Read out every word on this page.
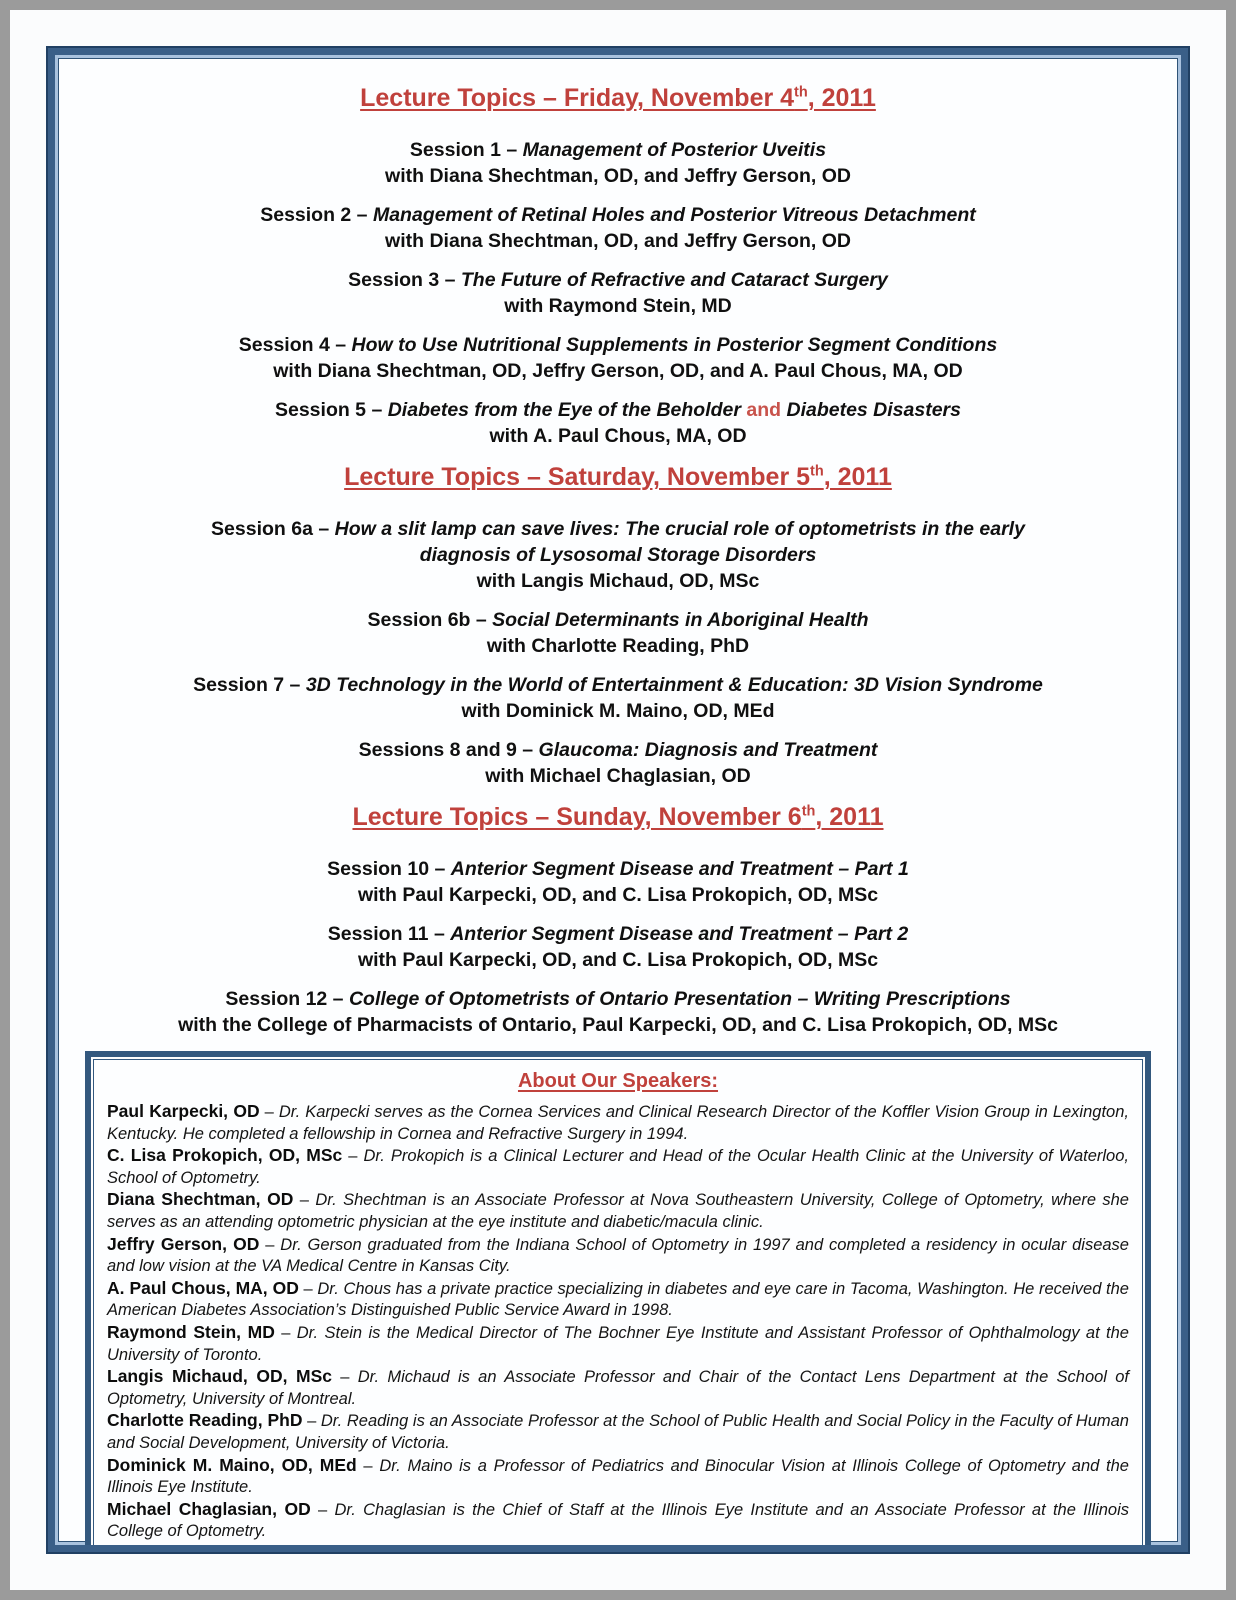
Lecture Topics – Friday, November 4th, 2011

Session 1 – Management of Posterior Uveitis

with Diana Shechtman, OD, and Jeffry Gerson, OD

Session 2 – Management of Retinal Holes and Posterior Vitreous Detachment

with Diana Shechtman, OD, and Jeffry Gerson, OD

Session 3 – The Future of Refractive and Cataract Surgery

with Raymond Stein, MD

Session 4 – How to Use Nutritional Supplements in Posterior Segment Conditions

with Diana Shechtman, OD, Jeffry Gerson, OD, and A. Paul Chous, MA, OD

Session 5 – Diabetes from the Eye of the Beholder and Diabetes Disasters

with A. Paul Chous, MA, OD

Lecture Topics – Saturday, November 5th, 2011

Session 6a – How a slit lamp can save lives: The crucial role of optometrists in the early diagnosis of Lysosomal Storage Disorders

with Langis Michaud, OD, MSc

Session 6b – Social Determinants in Aboriginal Health

with Charlotte Reading, PhD

Session 7 – 3D Technology in the World of Entertainment & Education: 3D Vision Syndrome

with Dominick M. Maino, OD, MEd

Sessions 8 and 9 – Glaucoma: Diagnosis and Treatment

with Michael Chaglasian, OD

Lecture Topics – Sunday, November 6th, 2011

Session 10 – Anterior Segment Disease and Treatment – Part 1

with Paul Karpecki, OD, and C. Lisa Prokopich, OD, MSc

Session 11 – Anterior Segment Disease and Treatment – Part 2

with Paul Karpecki, OD, and C. Lisa Prokopich, OD, MSc

Session 12 – College of Optometrists of Ontario Presentation – Writing Prescriptions

with the College of Pharmacists of Ontario, Paul Karpecki, OD, and C. Lisa Prokopich, OD, MSc

About Our Speakers:

Paul Karpecki, OD – Dr. Karpecki serves as the Cornea Services and Clinical Research Director of the Koffler Vision Group in Lexington, Kentucky. He completed a fellowship in Cornea and Refractive Surgery in 1994.

C. Lisa Prokopich, OD, MSc – Dr. Prokopich is a Clinical Lecturer and Head of the Ocular Health Clinic at the University of Waterloo, School of Optometry.

Diana Shechtman, OD – Dr. Shechtman is an Associate Professor at Nova Southeastern University, College of Optometry, where she serves as an attending optometric physician at the eye institute and diabetic/macula clinic.

Jeffry Gerson, OD – Dr. Gerson graduated from the Indiana School of Optometry in 1997 and completed a residency in ocular disease and low vision at the VA Medical Centre in Kansas City.

A. Paul Chous, MA, OD – Dr. Chous has a private practice specializing in diabetes and eye care in Tacoma, Washington. He received the American Diabetes Association’s Distinguished Public Service Award in 1998.

Raymond Stein, MD – Dr. Stein is the Medical Director of The Bochner Eye Institute and Assistant Professor of Ophthalmology at the University of Toronto.

Langis Michaud, OD, MSc – Dr. Michaud is an Associate Professor and Chair of the Contact Lens Department at the School of Optometry, University of Montreal.

Charlotte Reading, PhD – Dr. Reading is an Associate Professor at the School of Public Health and Social Policy in the Faculty of Human and Social Development, University of Victoria.

Dominick M. Maino, OD, MEd – Dr. Maino is a Professor of Pediatrics and Binocular Vision at Illinois College of Optometry and the Illinois Eye Institute.

Michael Chaglasian, OD – Dr. Chaglasian is the Chief of Staff at the Illinois Eye Institute and an Associate Professor at the Illinois College of Optometry.
